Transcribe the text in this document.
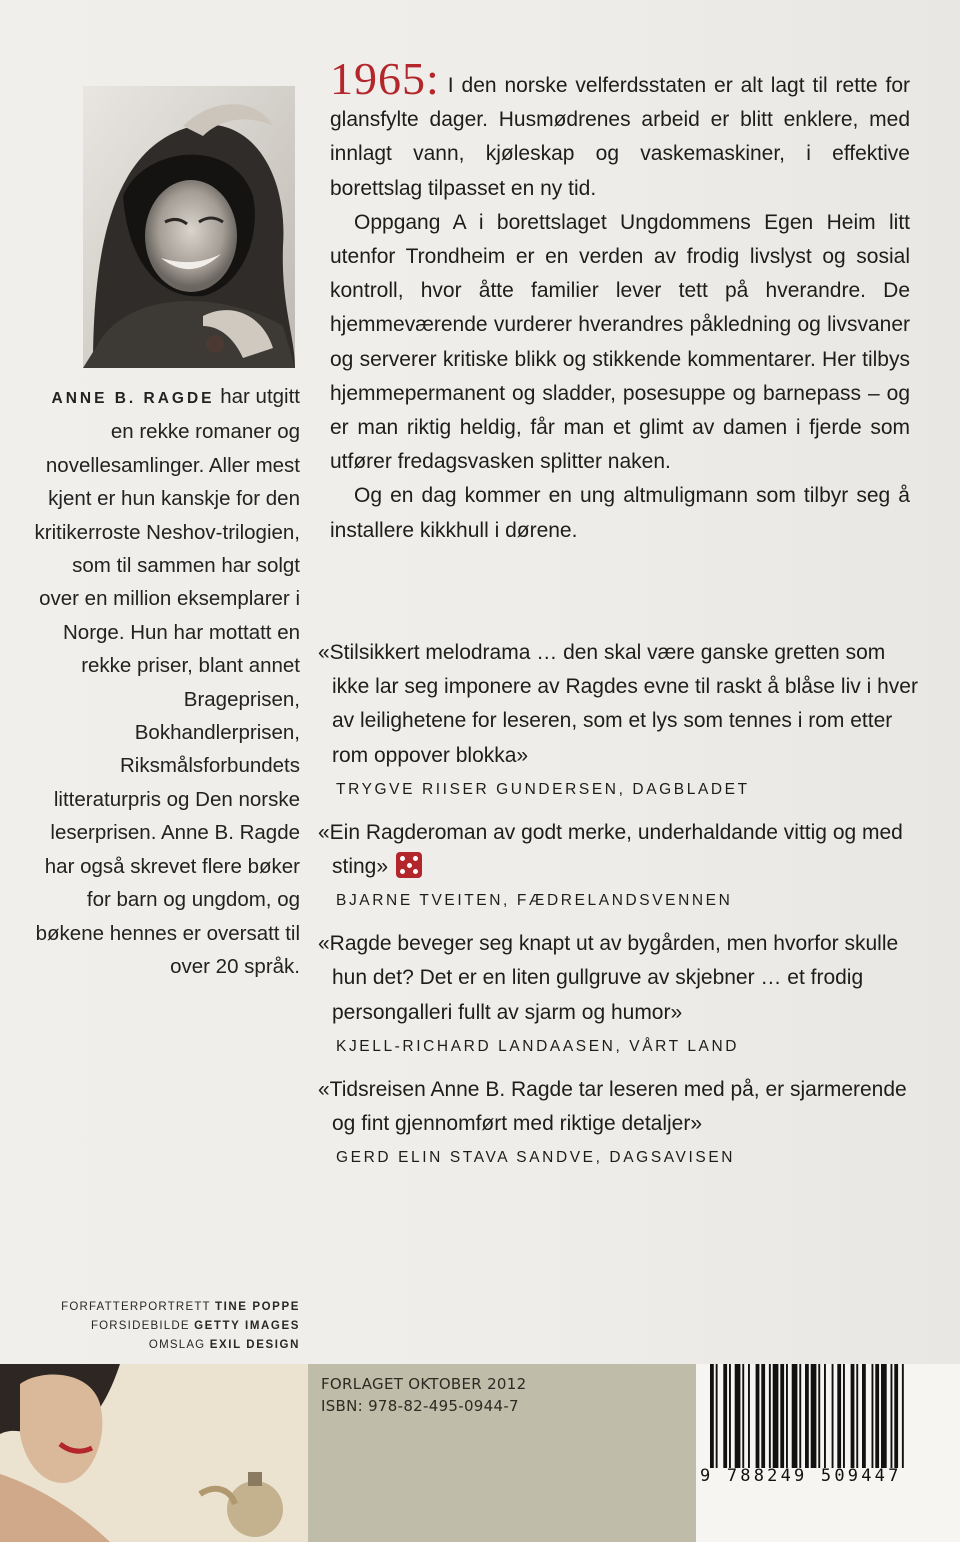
ANNE B. RAGDE har utgitt en rekke romaner og novellesamlinger. Aller mest kjent er hun kanskje for den kritikerroste Neshov-trilogien, som til sammen har solgt over en million eksemplarer i Norge. Hun har mottatt en rekke priser, blant annet Brageprisen, Bokhandlerprisen, Riksmålsforbundets litteraturpris og Den norske leserprisen. Anne B. Ragde har også skrevet flere bøker for barn og ungdom, og bøkene hennes er oversatt til over 20 språk.

1965: I den norske velferdsstaten er alt lagt til rette for glansfylte dager. Husmødrenes arbeid er blitt enklere, med innlagt vann, kjøleskap og vaskemaskiner, i effektive borettslag tilpasset en ny tid.

Oppgang A i borettslaget Ungdommens Egen Heim litt utenfor Trondheim er en verden av frodig livslyst og sosial kontroll, hvor åtte familier lever tett på hverandre. De hjemmeværende vurderer hverandres påkledning og livsvaner og serverer kritiske blikk og stikkende kommentarer. Her tilbys hjemmepermanent og sladder, posesuppe og barnepass – og er man riktig heldig, får man et glimt av damen i fjerde som utfører fredagsvasken splitter naken.

Og en dag kommer en ung altmuligmann som tilbyr seg å installere kikkhull i dørene.

«Stilsikkert melodrama … den skal være ganske gretten som ikke lar seg imponere av Ragdes evne til raskt å blåse liv i hver av leilighetene for leseren, som et lys som tennes i rom etter rom oppover blokka»
TRYGVE RIISER GUNDERSEN, DAGBLADET
«Ein Ragderoman av godt merke, underhaldande vittig og med sting»
BJARNE TVEITEN, FÆDRELANDSVENNEN
«Ragde beveger seg knapt ut av bygården, men hvorfor skulle hun det? Det er en liten gullgruve av skjebner … et frodig persongalleri fullt av sjarm og humor»
KJELL-RICHARD LANDAASEN, VÅRT LAND
«Tidsreisen Anne B. Ragde tar leseren med på, er sjarmerende og fint gjennomført med riktige detaljer»
GERD ELIN STAVA SANDVE, DAGSAVISEN
FORFATTERPORTRETT TINE POPPE
FORSIDEBILDE GETTY IMAGES
OMSLAG EXIL DESIGN
FORLAGET OKTOBER 2012
ISBN: 978-82-495-0944-7
9 788249 509447
